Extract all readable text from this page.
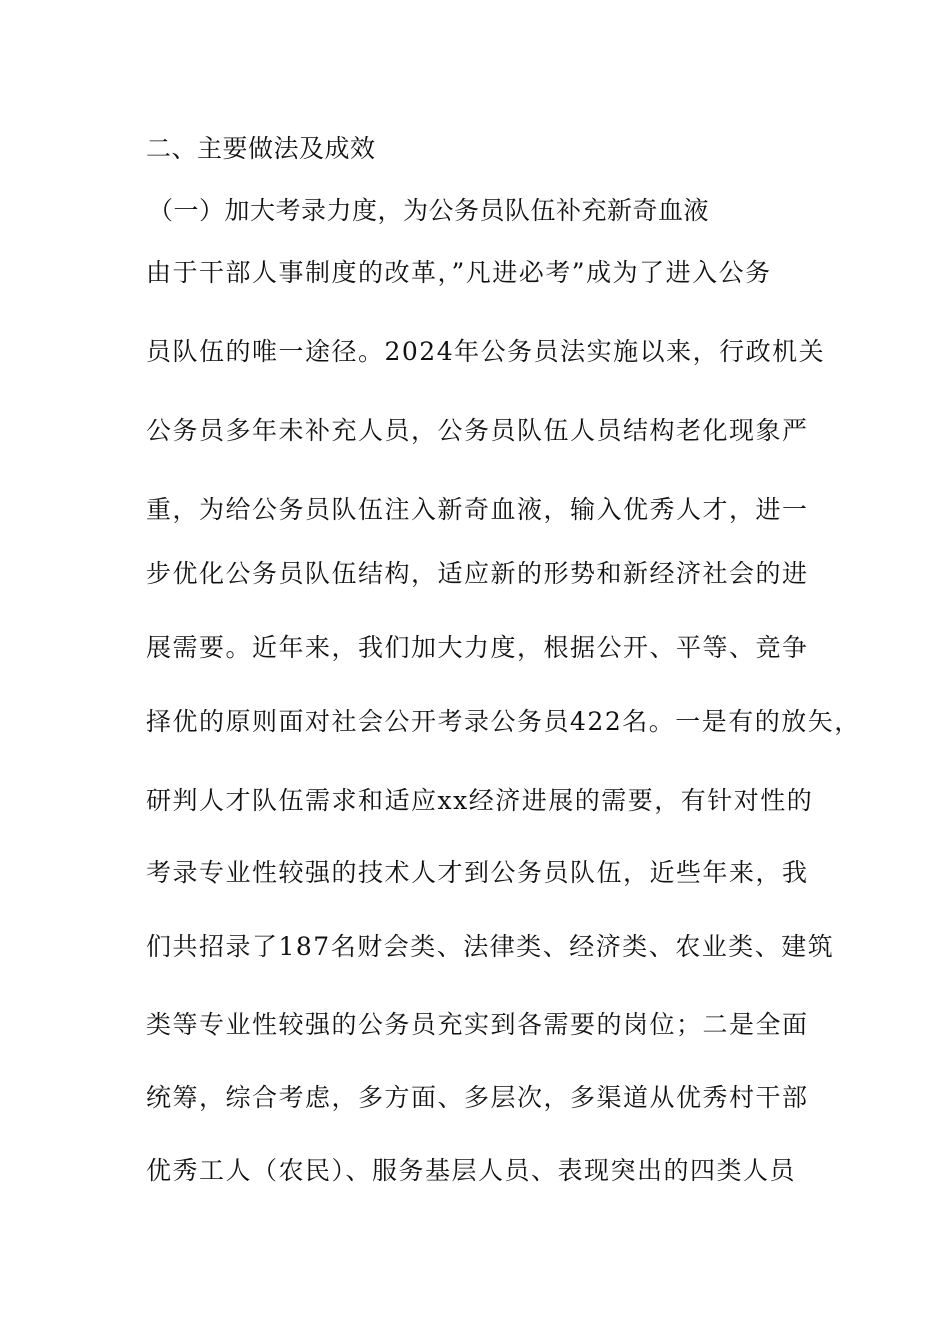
二、主要做法及成效
（一）加大考录力度，为公务员队伍补充新奇血液
由于干部人事制度的改革，”凡进必考”成为了进入公务
员队伍的唯一途径。2024年公务员法实施以来，行政机关
公务员多年未补充人员，公务员队伍人员结构老化现象严
重，为给公务员队伍注入新奇血液，输入优秀人才，进一
步优化公务员队伍结构，适应新的形势和新经济社会的进
展需要。近年来，我们加大力度，根据公开、平等、竞争
择优的原则面对社会公开考录公务员422名。一是有的放矢，
研判人才队伍需求和适应xx经济进展的需要，有针对性的
考录专业性较强的技术人才到公务员队伍，近些年来，我
们共招录了187名财会类、法律类、经济类、农业类、建筑
类等专业性较强的公务员充实到各需要的岗位；二是全面
统筹，综合考虑，多方面、多层次，多渠道从优秀村干部
优秀工人（农民）、服务基层人员、表现突出的四类人员
